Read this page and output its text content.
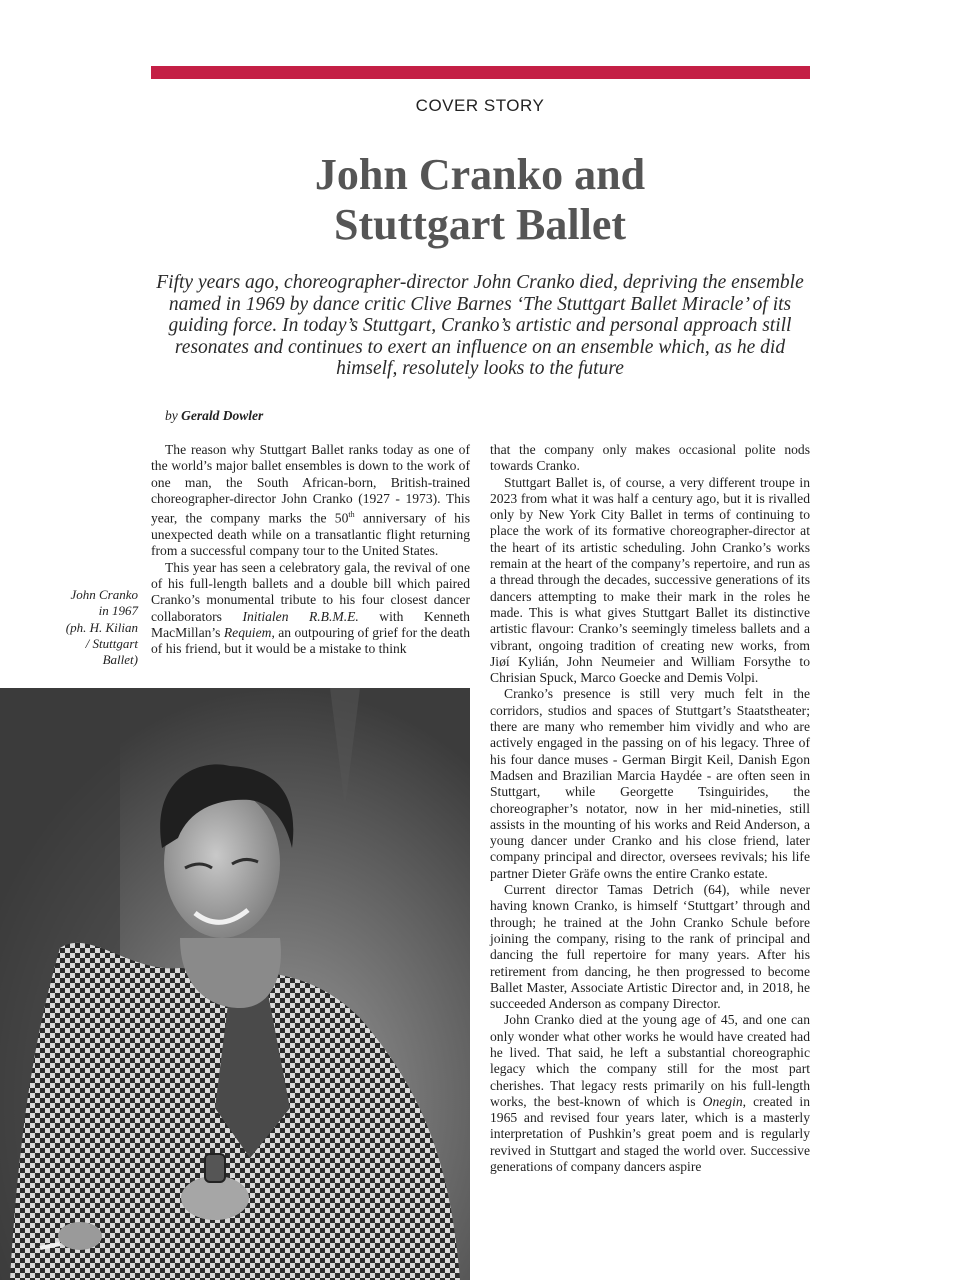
COVER STORY
John Cranko and
Stuttgart Ballet
Fifty years ago, choreographer-director John Cranko died, depriving the ensemble named in 1969 by dance critic Clive Barnes ‘The Stuttgart Ballet Miracle’ of its guiding force. In today’s Stuttgart, Cranko’s artistic and personal approach still resonates and continues to exert an influence on an ensemble which, as he did himself, resolutely looks to the future
by Gerald Dowler
John Cranko
in 1967
(ph. H. Kilian
/ Stuttgart
Ballet)

The reason why Stuttgart Ballet ranks today as one of the world’s major ballet ensembles is down to the work of one man, the South African-born, British-trained choreographer-director John Cranko (1927 - 1973). This year, the company marks the 50th anniversary of his unexpected death while on a transatlantic flight returning from a successful company tour to the United States.

This year has seen a celebratory gala, the revival of one of his full-length ballets and a double bill which paired Cranko’s monumental tribute to his four closest dancer collaborators Initialen R.B.M.E. with Kenneth MacMillan’s Requiem, an outpouring of grief for the death of his friend, but it would be a mistake to think

that the company only makes occasional polite nods towards Cranko.

Stuttgart Ballet is, of course, a very different troupe in 2023 from what it was half a century ago, but it is rivalled only by New York City Ballet in terms of continuing to place the work of its formative choreographer-director at the heart of its artistic scheduling. John Cranko’s works remain at the heart of the company’s repertoire, and run as a thread through the decades, successive generations of its dancers attempting to make their mark in the roles he made. This is what gives Stuttgart Ballet its distinctive artistic flavour: Cranko’s seemingly timeless ballets and a vibrant, ongoing tradition of creating new works, from Jiøí Kylián, John Neumeier and William Forsythe to Chrisian Spuck, Marco Goecke and Demis Volpi.

Cranko’s presence is still very much felt in the corridors, studios and spaces of Stuttgart’s Staatstheater; there are many who remember him vividly and who are actively engaged in the passing on of his legacy. Three of his four dance muses - German Birgit Keil, Danish Egon Madsen and Brazilian Marcia Haydée - are often seen in Stuttgart, while Georgette Tsinguirides, the choreographer’s notator, now in her mid-nineties, still assists in the mounting of his works and Reid Anderson, a young dancer under Cranko and his close friend, later company principal and director, oversees revivals; his life partner Dieter Gräfe owns the entire Cranko estate.

Current director Tamas Detrich (64), while never having known Cranko, is himself ‘Stuttgart’ through and through; he trained at the John Cranko Schule before joining the company, rising to the rank of principal and dancing the full repertoire for many years. After his retirement from dancing, he then progressed to become Ballet Master, Associate Artistic Director and, in 2018, he succeeded Anderson as company Director.

John Cranko died at the young age of 45, and one can only wonder what other works he would have created had he lived. That said, he left a substantial choreographic legacy which the company still for the most part cherishes. That legacy rests primarily on his full-length works, the best-known of which is Onegin, created in 1965 and revised four years later, which is a masterly interpretation of Pushkin’s great poem and is regularly revived in Stuttgart and staged the world over. Successive generations of company dancers aspire
